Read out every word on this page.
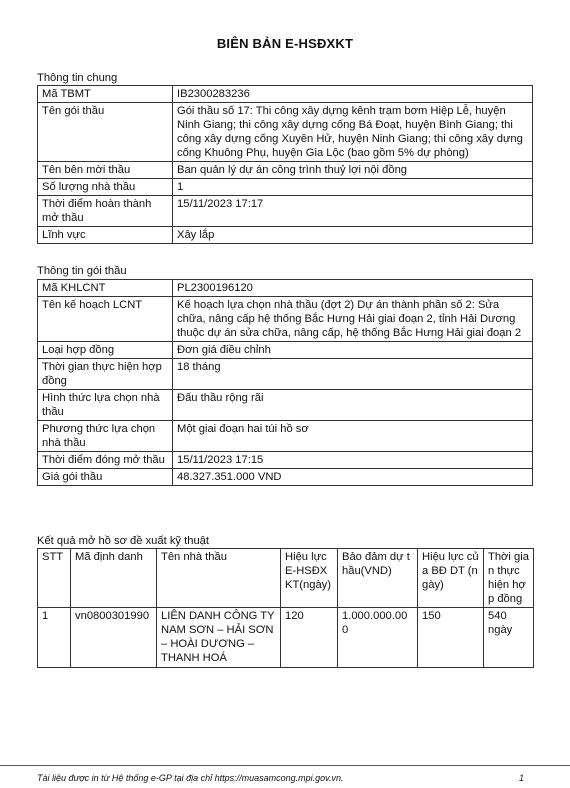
BIÊN BẢN E-HSĐXKT
Thông tin chung
Mã TBMT	IB2300283236
Tên gói thầu	Gói thầu số 17: Thi công xây dựng kênh trạm bơm Hiệp Lễ, huyện Ninh Giang; thi công xây dựng cống Bá Đoạt, huyện Bình Giang; thi công xây dựng cống Xuyên Hử, huyện Ninh Giang; thi công xây dựng cống Khuông Phụ, huyện Gia Lộc (bao gồm 5% dự phòng)
Tên bên mời thầu	Ban quản lý dự án công trình thuỷ lợi nội đồng
Số lượng nhà thầu	1
Thời điểm hoàn thành mở thầu	15/11/2023 17:17
Lĩnh vực	Xây lắp
Thông tin gói thầu
Mã KHLCNT	PL2300196120
Tên kế hoạch LCNT	Kế hoạch lựa chọn nhà thầu (đợt 2) Dự án thành phần số 2: Sửa chữa, nâng cấp hệ thống Bắc Hưng Hải giai đoạn 2, tỉnh Hải Dương thuộc dự án sửa chữa, nâng cấp, hệ thống Bắc Hưng Hải giai đoạn 2
Loại hợp đồng	Đơn giá điều chỉnh
Thời gian thực hiện hợp đồng	18 tháng
Hình thức lựa chọn nhà thầu	Đấu thầu rộng rãi
Phương thức lựa chọn nhà thầu	Một giai đoạn hai túi hồ sơ
Thời điểm đóng mở thầu	15/11/2023 17:15
Giá gói thầu	48.327.351.000 VND
Kết quả mở hồ sơ đề xuất kỹ thuật
STT	Mã định danh	Tên nhà thầu	Hiệu lực E-HSĐXKT(ngày)	Bảo đảm dự thầu(VND)	Hiệu lực của BĐ DT (ngày)	Thời gian thực hiện hợp đồng
1	vn0800301990	LIÊN DANH CÔNG TY NAM SƠN – HẢI SƠN – HOÀI DƯƠNG – THANH HOÁ	120	1.000.000.000	150	540 ngày
Tài liệu được in từ Hệ thống e-GP tại địa chỉ https://muasamcong.mpi.gov.vn.	1
